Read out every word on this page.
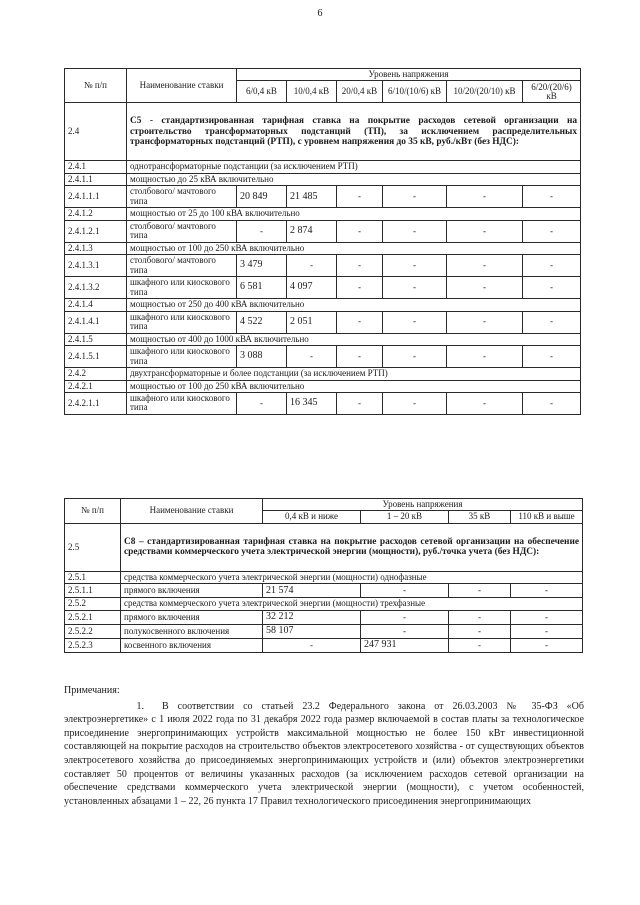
6
№ п/п	Наименование ставки	Уровень напряжения					
		6/0,4 кВ	10/0,4 кВ	20/0,4 кВ	6/10/(10/6) кВ	10/20/(20/10) кВ	6/20/(20/6) кВ
2.4	С5 - стандартизированная тарифная ставка на покрытие расходов сетевой организации на строительство трансформаторных подстанций (ТП), за исключением распределительных трансформаторных подстанций (РТП), с уровнем напряжения до 35 кВ, руб./кВт (без НДС):						
2.4.1	однотрансформаторные подстанции (за исключением РТП)						
2.4.1.1	мощностью до 25 кВА включительно						
2.4.1.1.1	столбового/ мачтового типа	20 849	21 485	-	-	-	-
2.4.1.2	мощностью от 25 до 100 кВА включительно						
2.4.1.2.1	столбового/ мачтового типа	-	2 874	-	-	-	-
2.4.1.3	мощностью от 100 до 250 кВА включительно						
2.4.1.3.1	столбового/ мачтового типа	3 479	-	-	-	-	-
2.4.1.3.2	шкафного или киоскового типа	6 581	4 097	-	-	-	-
2.4.1.4	мощностью от 250 до 400 кВА включительно						
2.4.1.4.1	шкафного или киоскового типа	4 522	2 051	-	-	-	-
2.4.1.5	мощностью от 400 до 1000 кВА включительно						
2.4.1.5.1	шкафного или киоскового типа	3 088	-	-	-	-	-
2.4.2	двухтрансформаторные и более подстанции (за исключением РТП)						
2.4.2.1	мощностью от 100 до 250 кВА включительно						
2.4.2.1.1	шкафного или киоскового типа	-	16 345	-	-	-	-
№ п/п	Наименование ставки	Уровень напряжения			
		0,4 кВ и ниже	1 – 20 кВ	35 кВ	110 кВ и выше
2.5	С8 – стандартизированная тарифная ставка на покрытие расходов сетевой организации на обеспечение средствами коммерческого учета электрической энергии (мощности), руб./точка учета (без НДС):				
2.5.1	средства коммерческого учета электрической энергии (мощности) однофазные				
2.5.1.1	прямого включения	21 574	-	-	-
2.5.2	средства коммерческого учета электрической энергии (мощности) трехфазные				
2.5.2.1	прямого включения	32 212	-	-	-
2.5.2.2	полукосвенного включения	58 107	-	-	-
2.5.2.3	косвенного включения	-	247 931	-	-
Примечания:
1. В соответствии со статьей 23.2 Федерального закона от 26.03.2003 № 35-ФЗ «Об электроэнергетике» с 1 июля 2022 года по 31 декабря 2022 года размер включаемой в состав платы за технологическое присоединение энергопринимающих устройств максимальной мощностью не более 150 кВт инвестиционной составляющей на покрытие расходов на строительство объектов электросетевого хозяйства - от существующих объектов электросетевого хозяйства до присоединяемых энергопринимающих устройств и (или) объектов электроэнергетики составляет 50 процентов от величины указанных расходов (за исключением расходов сетевой организации на обеспечение средствами коммерческого учета электрической энергии (мощности), с учетом особенностей, установленных абзацами 1 – 22, 26 пункта 17 Правил технологического присоединения энергопринимающих
